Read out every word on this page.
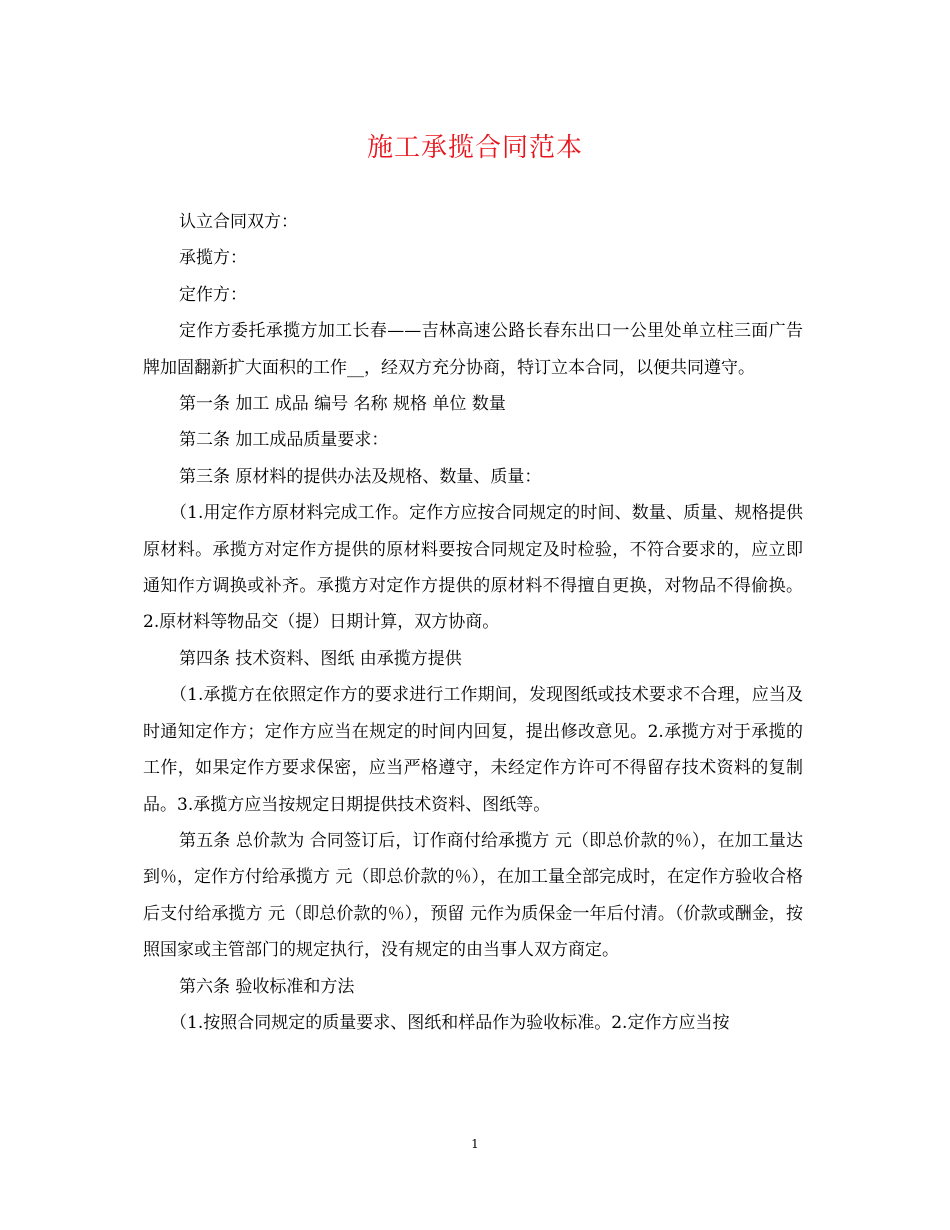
施工承揽合同范本

认立合同双方：

承揽方：

定作方：

定作方委托承揽方加工长春——吉林高速公路长春东出口一公里处单立柱三面广告牌加固翻新扩大面积的工作__，经双方充分协商，特订立本合同，以便共同遵守。

第一条 加工 成品 编号 名称 规格 单位 数量

第二条 加工成品质量要求：

第三条 原材料的提供办法及规格、数量、质量：

（1.用定作方原材料完成工作。定作方应按合同规定的时间、数量、质量、规格提供原材料。承揽方对定作方提供的原材料要按合同规定及时检验，不符合要求的，应立即通知作方调换或补齐。承揽方对定作方提供的原材料不得擅自更换，对物品不得偷换。2.原材料等物品交（提）日期计算，双方协商。

第四条 技术资料、图纸 由承揽方提供

（1.承揽方在依照定作方的要求进行工作期间，发现图纸或技术要求不合理，应当及时通知定作方；定作方应当在规定的时间内回复，提出修改意见。2.承揽方对于承揽的工作，如果定作方要求保密，应当严格遵守，未经定作方许可不得留存技术资料的复制品。3.承揽方应当按规定日期提供技术资料、图纸等。

第五条 总价款为 合同签订后，订作商付给承揽方 元（即总价款的％），在加工量达到％，定作方付给承揽方 元（即总价款的％），在加工量全部完成时，在定作方验收合格后支付给承揽方 元（即总价款的％），预留 元作为质保金一年后付清。（价款或酬金，按照国家或主管部门的规定执行，没有规定的由当事人双方商定。

第六条 验收标准和方法

（1.按照合同规定的质量要求、图纸和样品作为验收标准。2.定作方应当按

1
